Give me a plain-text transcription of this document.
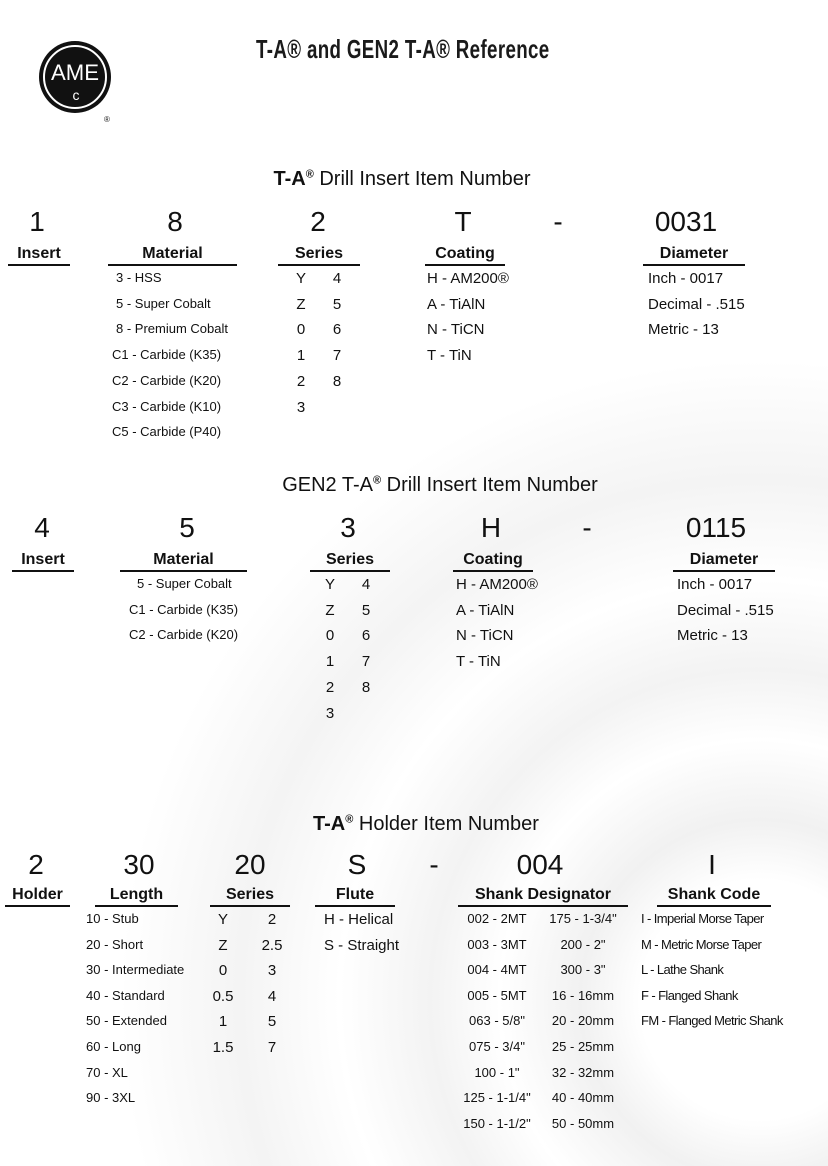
T-A® and GEN2 T-A® Reference
AME
c
®
T-A® Drill Insert Item Number
-
1
Insert
8
Material
3 - HSS
5 - Super Cobalt
8 - Premium Cobalt
C1 - Carbide (K35)
C2 - Carbide (K20)
C3 - Carbide (K10)
C5 - Carbide (P40)
2
Series
Y 4
Z 5
0 6
1 7
2 8
3
T
Coating
H - AM200®
A - TiAlN
N - TiCN
T - TiN
0031
Diameter
Inch - 0017
Decimal - .515
Metric - 13
GEN2 T-A® Drill Insert Item Number
-
4
Insert
5
Material
5 - Super Cobalt
C1 - Carbide (K35)
C2 - Carbide (K20)
3
Series
Y 4
Z 5
0 6
1 7
2 8
3
H
Coating
H - AM200®
A - TiAlN
N - TiCN
T - TiN
0115
Diameter
Inch - 0017
Decimal - .515
Metric - 13
T-A® Holder Item Number
-
2
Holder
30
Length
10 - Stub
20 - Short
30 - Intermediate
40 - Standard
50 - Extended
60 - Long
70 - XL
90 - 3XL
20
Series
Y	2
Z 2.5
0	3
0.5 4
1	5
1.5 7
S
Flute
H - Helical
S - Straight
004
Shank Designator
002 - 2MT 175 - 1-3/4"
003 - 3MT	200 - 2"
004 - 4MT	300 - 3"
005 - 5MT 16 - 16mm
063 - 5/8" 20 - 20mm
075 - 3/4" 25 - 25mm
100 - 1" 32 - 32mm
125 - 1-1/4" 40 - 40mm
150 - 1-1/2" 50 - 50mm
I
Shank Code
I - Imperial Morse Taper
M - Metric Morse Taper
L - Lathe Shank
F - Flanged Shank
FM - Flanged Metric Shank
